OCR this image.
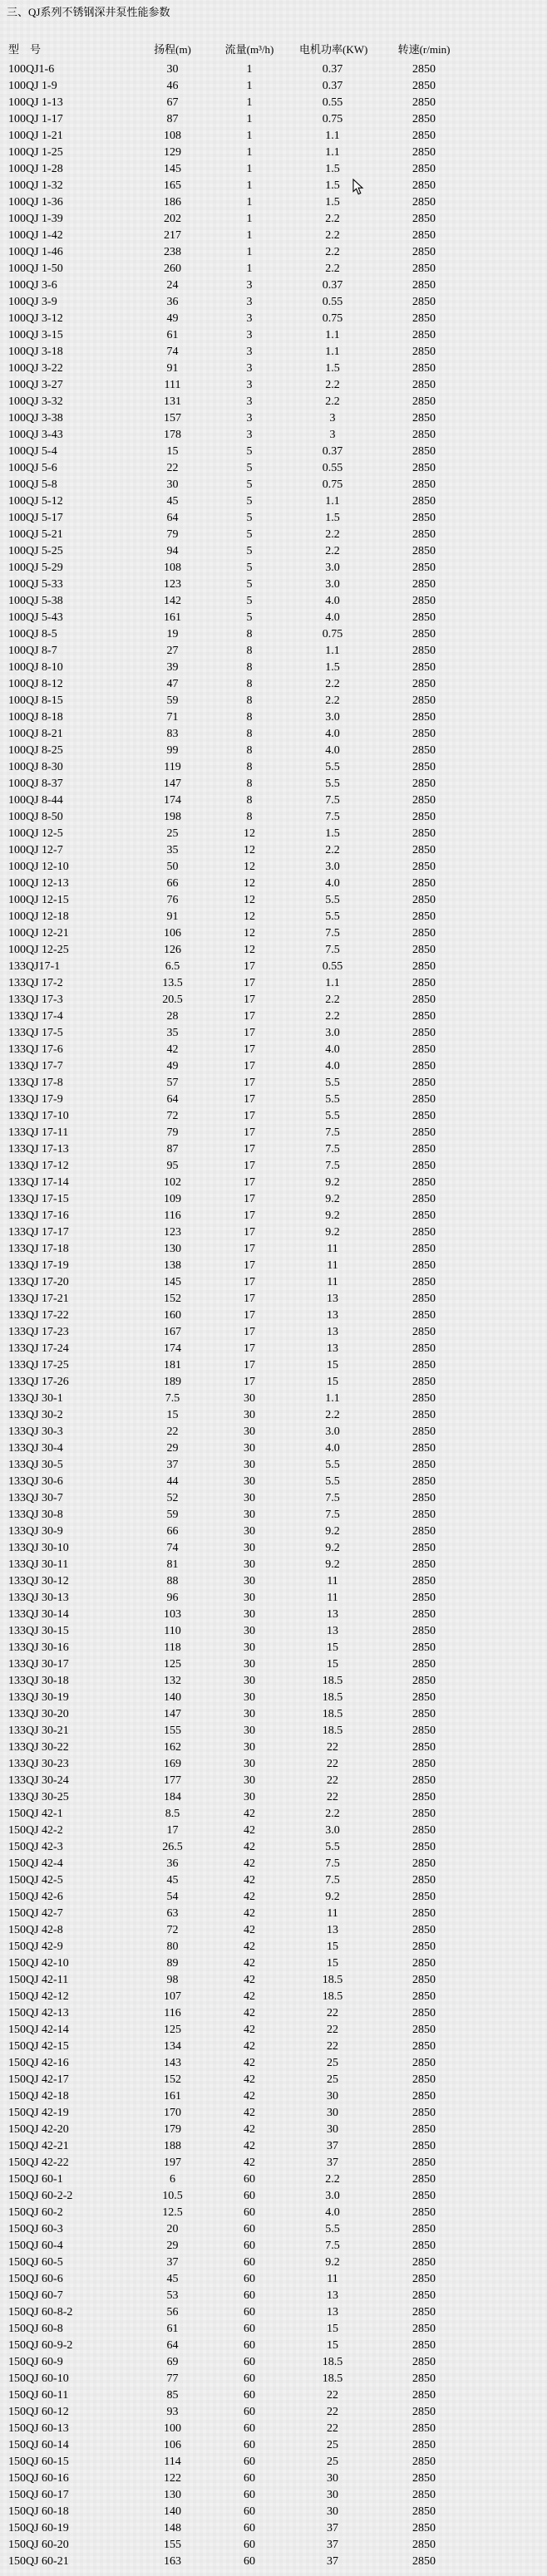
三、QJ系列不锈钢深井泵性能参数
型　号	扬程(m)	流量(m³/h)	电机功率(KW)	转速(r/min)
100QJ1-6	30	1	0.37	2850
100QJ 1-9	46	1	0.37	2850
100QJ 1-13	67	1	0.55	2850
100QJ 1-17	87	1	0.75	2850
100QJ 1-21	108	1	1.1	2850
100QJ 1-25	129	1	1.1	2850
100QJ 1-28	145	1	1.5	2850
100QJ 1-32	165	1	1.5	2850
100QJ 1-36	186	1	1.5	2850
100QJ 1-39	202	1	2.2	2850
100QJ 1-42	217	1	2.2	2850
100QJ 1-46	238	1	2.2	2850
100QJ 1-50	260	1	2.2	2850
100QJ 3-6	24	3	0.37	2850
100QJ 3-9	36	3	0.55	2850
100QJ 3-12	49	3	0.75	2850
100QJ 3-15	61	3	1.1	2850
100QJ 3-18	74	3	1.1	2850
100QJ 3-22	91	3	1.5	2850
100QJ 3-27	111	3	2.2	2850
100QJ 3-32	131	3	2.2	2850
100QJ 3-38	157	3	3	2850
100QJ 3-43	178	3	3	2850
100QJ 5-4	15	5	0.37	2850
100QJ 5-6	22	5	0.55	2850
100QJ 5-8	30	5	0.75	2850
100QJ 5-12	45	5	1.1	2850
100QJ 5-17	64	5	1.5	2850
100QJ 5-21	79	5	2.2	2850
100QJ 5-25	94	5	2.2	2850
100QJ 5-29	108	5	3.0	2850
100QJ 5-33	123	5	3.0	2850
100QJ 5-38	142	5	4.0	2850
100QJ 5-43	161	5	4.0	2850
100QJ 8-5	19	8	0.75	2850
100QJ 8-7	27	8	1.1	2850
100QJ 8-10	39	8	1.5	2850
100QJ 8-12	47	8	2.2	2850
100QJ 8-15	59	8	2.2	2850
100QJ 8-18	71	8	3.0	2850
100QJ 8-21	83	8	4.0	2850
100QJ 8-25	99	8	4.0	2850
100QJ 8-30	119	8	5.5	2850
100QJ 8-37	147	8	5.5	2850
100QJ 8-44	174	8	7.5	2850
100QJ 8-50	198	8	7.5	2850
100QJ 12-5	25	12	1.5	2850
100QJ 12-7	35	12	2.2	2850
100QJ 12-10	50	12	3.0	2850
100QJ 12-13	66	12	4.0	2850
100QJ 12-15	76	12	5.5	2850
100QJ 12-18	91	12	5.5	2850
100QJ 12-21	106	12	7.5	2850
100QJ 12-25	126	12	7.5	2850
133QJ17-1	6.5	17	0.55	2850
133QJ 17-2	13.5	17	1.1	2850
133QJ 17-3	20.5	17	2.2	2850
133QJ 17-4	28	17	2.2	2850
133QJ 17-5	35	17	3.0	2850
133QJ 17-6	42	17	4.0	2850
133QJ 17-7	49	17	4.0	2850
133QJ 17-8	57	17	5.5	2850
133QJ 17-9	64	17	5.5	2850
133QJ 17-10	72	17	5.5	2850
133QJ 17-11	79	17	7.5	2850
133QJ 17-13	87	17	7.5	2850
133QJ 17-12	95	17	7.5	2850
133QJ 17-14	102	17	9.2	2850
133QJ 17-15	109	17	9.2	2850
133QJ 17-16	116	17	9.2	2850
133QJ 17-17	123	17	9.2	2850
133QJ 17-18	130	17	11	2850
133QJ 17-19	138	17	11	2850
133QJ 17-20	145	17	11	2850
133QJ 17-21	152	17	13	2850
133QJ 17-22	160	17	13	2850
133QJ 17-23	167	17	13	2850
133QJ 17-24	174	17	13	2850
133QJ 17-25	181	17	15	2850
133QJ 17-26	189	17	15	2850
133QJ 30-1	7.5	30	1.1	2850
133QJ 30-2	15	30	2.2	2850
133QJ 30-3	22	30	3.0	2850
133QJ 30-4	29	30	4.0	2850
133QJ 30-5	37	30	5.5	2850
133QJ 30-6	44	30	5.5	2850
133QJ 30-7	52	30	7.5	2850
133QJ 30-8	59	30	7.5	2850
133QJ 30-9	66	30	9.2	2850
133QJ 30-10	74	30	9.2	2850
133QJ 30-11	81	30	9.2	2850
133QJ 30-12	88	30	11	2850
133QJ 30-13	96	30	11	2850
133QJ 30-14	103	30	13	2850
133QJ 30-15	110	30	13	2850
133QJ 30-16	118	30	15	2850
133QJ 30-17	125	30	15	2850
133QJ 30-18	132	30	18.5	2850
133QJ 30-19	140	30	18.5	2850
133QJ 30-20	147	30	18.5	2850
133QJ 30-21	155	30	18.5	2850
133QJ 30-22	162	30	22	2850
133QJ 30-23	169	30	22	2850
133QJ 30-24	177	30	22	2850
133QJ 30-25	184	30	22	2850
150QJ 42-1	8.5	42	2.2	2850
150QJ 42-2	17	42	3.0	2850
150QJ 42-3	26.5	42	5.5	2850
150QJ 42-4	36	42	7.5	2850
150QJ 42-5	45	42	7.5	2850
150QJ 42-6	54	42	9.2	2850
150QJ 42-7	63	42	11	2850
150QJ 42-8	72	42	13	2850
150QJ 42-9	80	42	15	2850
150QJ 42-10	89	42	15	2850
150QJ 42-11	98	42	18.5	2850
150QJ 42-12	107	42	18.5	2850
150QJ 42-13	116	42	22	2850
150QJ 42-14	125	42	22	2850
150QJ 42-15	134	42	22	2850
150QJ 42-16	143	42	25	2850
150QJ 42-17	152	42	25	2850
150QJ 42-18	161	42	30	2850
150QJ 42-19	170	42	30	2850
150QJ 42-20	179	42	30	2850
150QJ 42-21	188	42	37	2850
150QJ 42-22	197	42	37	2850
150QJ 60-1	6	60	2.2	2850
150QJ 60-2-2	10.5	60	3.0	2850
150QJ 60-2	12.5	60	4.0	2850
150QJ 60-3	20	60	5.5	2850
150QJ 60-4	29	60	7.5	2850
150QJ 60-5	37	60	9.2	2850
150QJ 60-6	45	60	11	2850
150QJ 60-7	53	60	13	2850
150QJ 60-8-2	56	60	13	2850
150QJ 60-8	61	60	15	2850
150QJ 60-9-2	64	60	15	2850
150QJ 60-9	69	60	18.5	2850
150QJ 60-10	77	60	18.5	2850
150QJ 60-11	85	60	22	2850
150QJ 60-12	93	60	22	2850
150QJ 60-13	100	60	22	2850
150QJ 60-14	106	60	25	2850
150QJ 60-15	114	60	25	2850
150QJ 60-16	122	60	30	2850
150QJ 60-17	130	60	30	2850
150QJ 60-18	140	60	30	2850
150QJ 60-19	148	60	37	2850
150QJ 60-20	155	60	37	2850
150QJ 60-21	163	60	37	2850
